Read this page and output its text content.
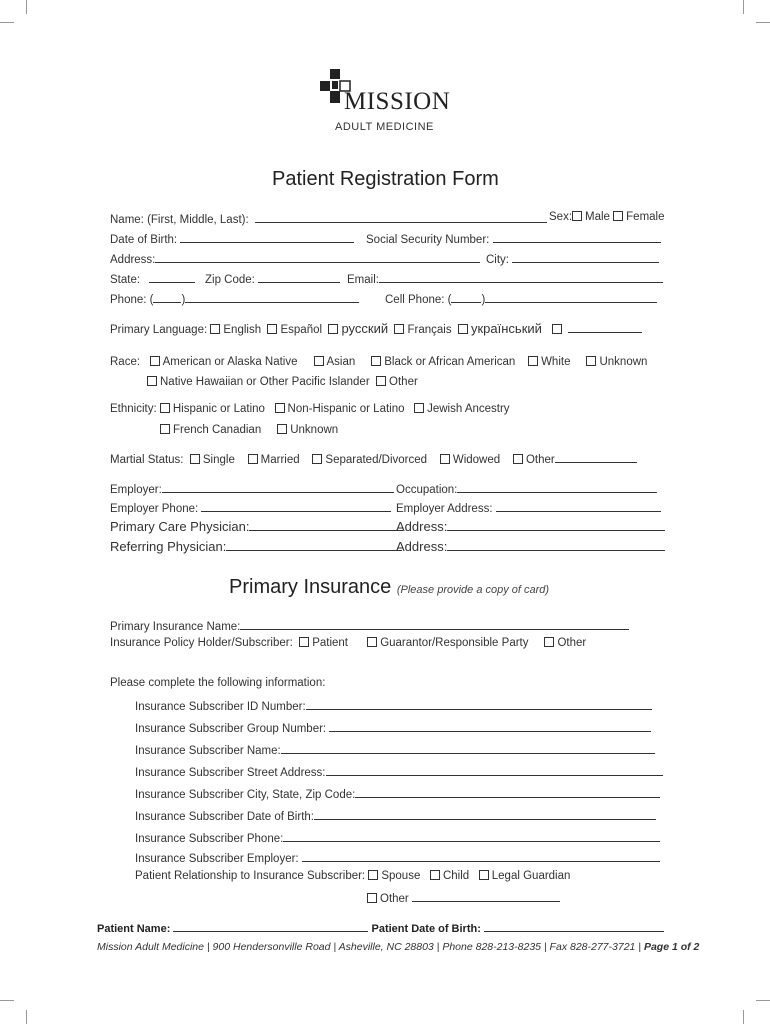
MISSION
ADULT MEDICINE
Patient Registration Form
Name: (First, Middle, Last):	Sex: Male Female
Date of Birth:	Social Security Number:
Address:	City:
State:	Zip Code:	Email:
Phone: ( )	Cell Phone: (	)
Primary Language: English Español русский Français український
Race: American or Alaska Native	Asian	Black or African American White	Unknown
Native Hawaiian or Other Pacific Islander Other
Ethnicity: Hispanic or Latino Non-Hispanic or Latino Jewish Ancestry
French Canadian	Unknown
Martial Status: Single Married Separated/Divorced Widowed Other
Employer:	Occupation:
Employer Phone:	Employer Address:
Primary Care Physician:	Address:
Referring Physician:	Address:
Primary Insurance (Please provide a copy of card)
Primary Insurance Name:
Insurance Policy Holder/Subscriber: Patient	Guarantor/Responsible Party	Other
Please complete the following information:
Insurance Subscriber ID Number:
Insurance Subscriber Group Number:
Insurance Subscriber Name:
Insurance Subscriber Street Address:
Insurance Subscriber City, State, Zip Code:
Insurance Subscriber Date of Birth:
Insurance Subscriber Phone:
Insurance Subscriber Employer:
Patient Relationship to Insurance Subscriber: Spouse Child Legal Guardian
Other
Patient Name:	Patient Date of Birth:
Mission Adult Medicine | 900 Hendersonville Road | Asheville, NC 28803 | Phone 828-213-8235 | Fax 828-277-3721 | Page 1 of 2
